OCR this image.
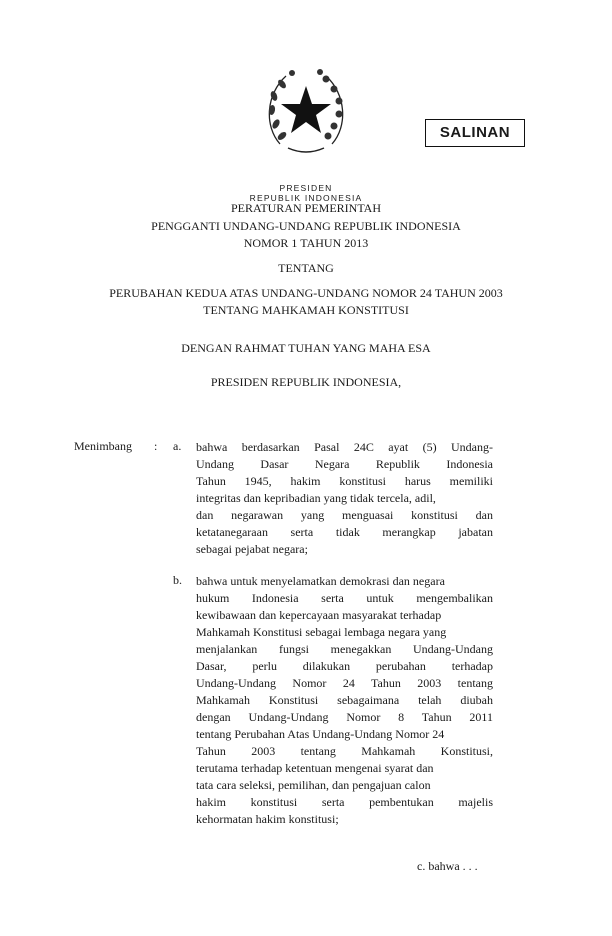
SALINAN
PRESIDEN
REPUBLIK INDONESIA
PERATURAN PEMERINTAH
PENGGANTI UNDANG-UNDANG REPUBLIK INDONESIA
NOMOR 1 TAHUN 2013
TENTANG
PERUBAHAN KEDUA ATAS UNDANG-UNDANG NOMOR 24 TAHUN 2003
TENTANG MAHKAMAH KONSTITUSI
DENGAN RAHMAT TUHAN YANG MAHA ESA
PRESIDEN REPUBLIK INDONESIA,
Menimbang : a. bahwa berdasarkan Pasal 24C ayat (5) Undang-
Undang Dasar Negara Republik Indonesia
Tahun 1945, hakim konstitusi harus memiliki
integritas dan kepribadian yang tidak tercela, adil,
dan negarawan yang menguasai konstitusi dan
ketatanegaraan serta tidak merangkap jabatan
sebagai pejabat negara;
b. bahwa untuk menyelamatkan demokrasi dan negara
hukum Indonesia serta untuk mengembalikan
kewibawaan dan kepercayaan masyarakat terhadap
Mahkamah Konstitusi sebagai lembaga negara yang
menjalankan fungsi menegakkan Undang-Undang
Dasar, perlu dilakukan perubahan terhadap
Undang-Undang Nomor 24 Tahun 2003 tentang
Mahkamah Konstitusi sebagaimana telah diubah
dengan Undang-Undang Nomor 8 Tahun 2011
tentang Perubahan Atas Undang-Undang Nomor 24
Tahun 2003 tentang Mahkamah Konstitusi,
terutama terhadap ketentuan mengenai syarat dan
tata cara seleksi, pemilihan, dan pengajuan calon
hakim konstitusi serta pembentukan majelis
kehormatan hakim konstitusi;
c. bahwa . . .
